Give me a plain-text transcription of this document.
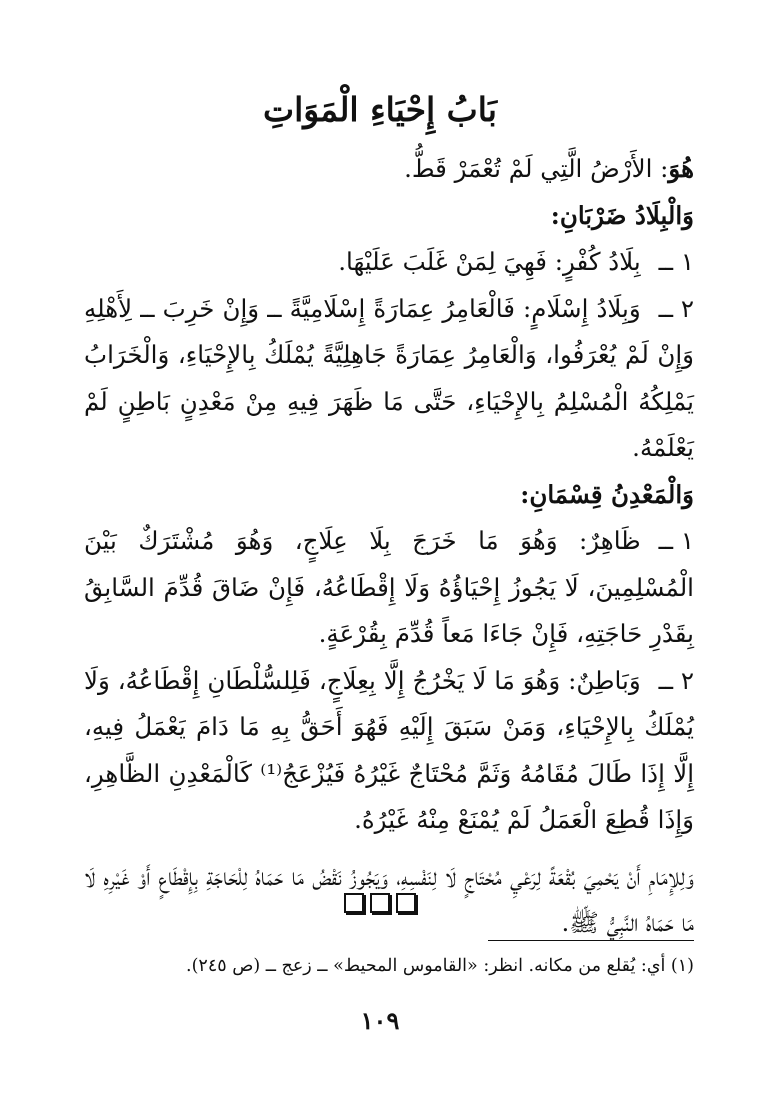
بَابُ إِحْيَاءِ الْمَوَاتِ

هُوَ: الأَرْضُ الَّتِي لَمْ تُعْمَرْ قَطُّ.

وَالْبِلَادُ ضَرْبَانِ:

١ ــبِلَادُ كُفْرٍ: فَهِيَ لِمَنْ غَلَبَ عَلَيْهَا.

٢ ــوَبِلَادُ إِسْلَامٍ: فَالْعَامِرُ عِمَارَةً إِسْلَامِيَّةً ــ وَإِنْ خَرِبَ ــ لِأَهْلِهِ وَإِنْ لَمْ يُعْرَفُوا، وَالْعَامِرُ عِمَارَةً جَاهِلِيَّةً يُمْلَكُ بِالإِحْيَاءِ، وَالْخَرَابُ يَمْلِكُهُ الْمُسْلِمُ بِالإِحْيَاءِ، حَتَّى مَا ظَهَرَ فِيهِ مِنْ مَعْدِنٍ بَاطِنٍ لَمْ يَعْلَمْهُ.

وَالْمَعْدِنُ قِسْمَانِ:

١ ــظَاهِرٌ: وَهُوَ مَا خَرَجَ بِلَا عِلَاجٍ، وَهُوَ مُشْتَرَكٌ بَيْنَ الْمُسْلِمِينَ، لَا يَجُوزُ إِحْيَاؤُهُ وَلَا إِقْطَاعُهُ، فَإِنْ ضَاقَ قُدِّمَ السَّابِقُ بِقَدْرِ حَاجَتِهِ، فَإِنْ جَاءَا مَعاً قُدِّمَ بِقُرْعَةٍ.

٢ ــوَبَاطِنٌ: وَهُوَ مَا لَا يَخْرُجُ إِلَّا بِعِلَاجٍ، فَلِلسُّلْطَانِ إِقْطَاعُهُ، وَلَا يُمْلَكُ بِالإِحْيَاءِ، وَمَنْ سَبَقَ إِلَيْهِ فَهُوَ أَحَقُّ بِهِ مَا دَامَ يَعْمَلُ فِيهِ، إِلَّا إِذَا طَالَ مُقَامُهُ وَثَمَّ مُحْتَاجٌ غَيْرُهُ فَيُزْعَجُ⁽¹⁾ كَالْمَعْدِنِ الظَّاهِرِ، وَإِذَا قُطِعَ الْعَمَلُ لَمْ يُمْنَعْ مِنْهُ غَيْرُهُ.

وَلِلإِمَامِ أَنْ يَحْمِيَ بُقْعَةً لِرَعْيِ مُحْتَاجٍ لَا لِنَفْسِهِ، وَيَجُوزُ نَقْضُ مَا حَمَاهُ لِلْحَاجَةِ بِإِقْطَاعٍ أَوْ غَيْرِهِ لَا مَا حَمَاهُ النَّبِيُّ ﷺ.

(١) أي: يُقلع من مكانه. انظر: «القاموس المحيط» ــ زعج ــ (ص ٢٤٥).
١٠٩
